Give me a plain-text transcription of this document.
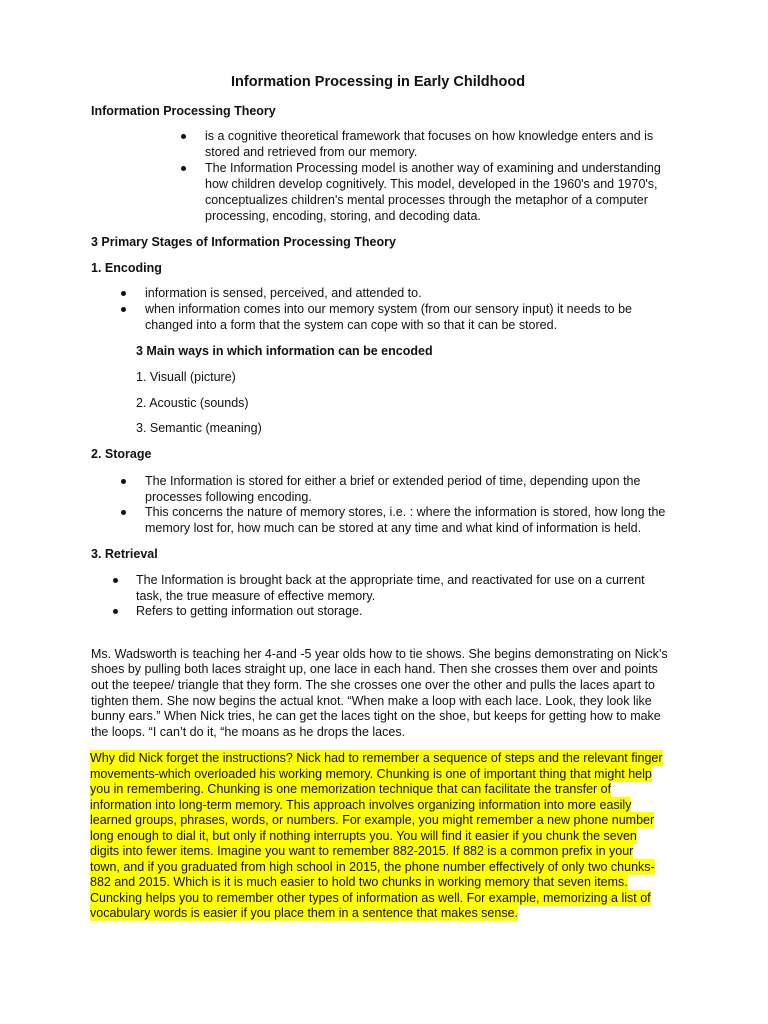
Information Processing in Early Childhood
Information Processing Theory
is a cognitive theoretical framework that focuses on how knowledge enters and is
stored and retrieved from our memory.
The Information Processing model is another way of examining and understanding
how children develop cognitively. This model, developed in the 1960's and 1970's,
conceptualizes children's mental processes through the metaphor of a computer
processing, encoding, storing, and decoding data.
3 Primary Stages of Information Processing Theory
1. Encoding
information is sensed, perceived, and attended to.
when information comes into our memory system (from our sensory input) it needs to be
changed into a form that the system can cope with so that it can be stored.
3 Main ways in which information can be encoded
1. Visuall (picture)
2. Acoustic (sounds)
3. Semantic (meaning)
2. Storage
The Information is stored for either a brief or extended period of time, depending upon the
processes following encoding.
This concerns the nature of memory stores, i.e. : where the information is stored, how long the
memory lost for, how much can be stored at any time and what kind of information is held.
3. Retrieval
The Information is brought back at the appropriate time, and reactivated for use on a current
task, the true measure of effective memory.
Refers to getting information out storage.
Ms. Wadsworth is teaching her 4-and -5 year olds how to tie shows. She begins demonstrating on Nick’s
shoes by pulling both laces straight up, one lace in each hand. Then she crosses them over and points
out the teepee/ triangle that they form. The she crosses one over the other and pulls the laces apart to
tighten them. She now begins the actual knot. “When make a loop with each lace. Look, they look like
bunny ears.” When Nick tries, he can get the laces tight on the shoe, but keeps for getting how to make
the loops. “I can’t do it, “he moans as he drops the laces.
Why did Nick forget the instructions? Nick had to remember a sequence of steps and the relevant finger
movements-which overloaded his working memory. Chunking is one of important thing that might help
you in remembering. Chunking is one memorization technique that can facilitate the transfer of
information into long-term memory. This approach involves organizing information into more easily
learned groups, phrases, words, or numbers. For example, you might remember a new phone number
long enough to dial it, but only if nothing interrupts you. You will find it easier if you chunk the seven
digits into fewer items. Imagine you want to remember 882-2015. If 882 is a common prefix in your
town, and if you graduated from high school in 2015, the phone number effectively of only two chunks-
882 and 2015. Which is it is much easier to hold two chunks in working memory that seven items.
Cuncking helps you to remember other types of information as well. For example, memorizing a list of
vocabulary words is easier if you place them in a sentence that makes sense.
